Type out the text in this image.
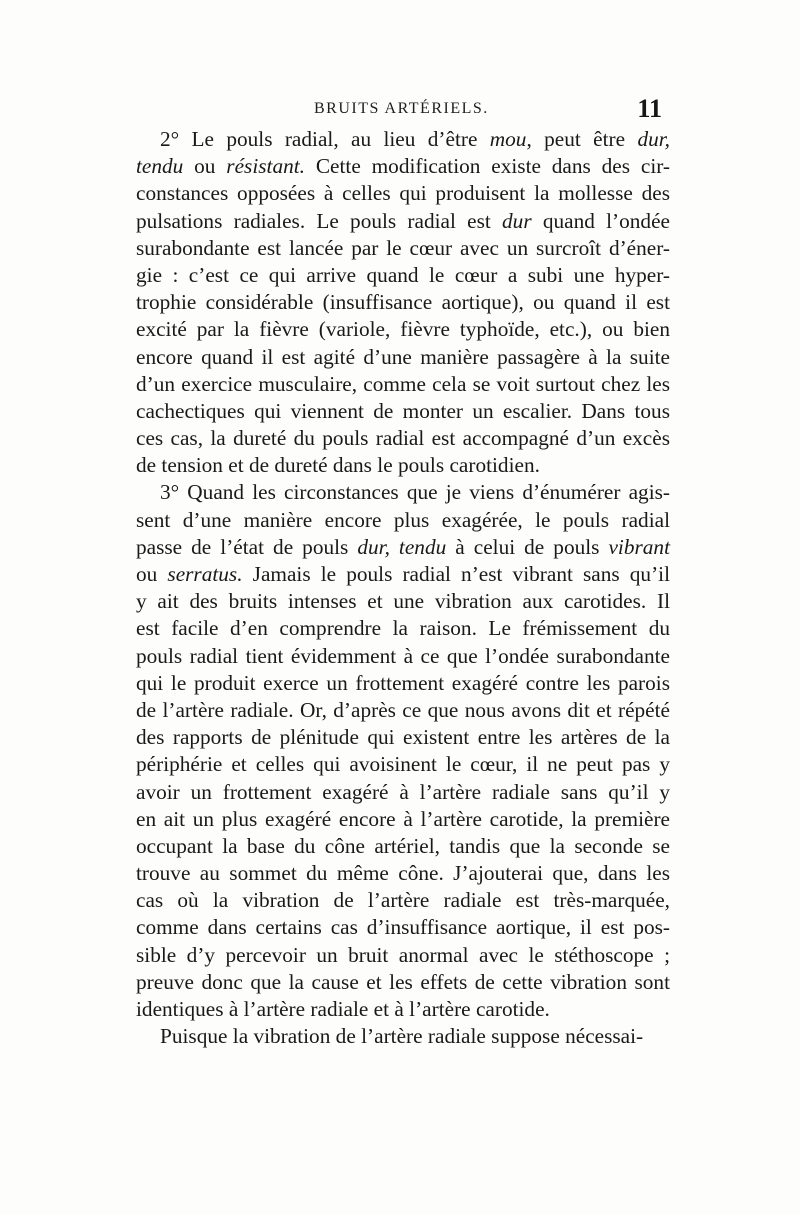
BRUITS ARTÉRIELS.	11
2° Le pouls radial, au lieu d’être mou, peut être dur,
tendu ou résistant. Cette modification existe dans des cir-
constances opposées à celles qui produisent la mollesse des
pulsations radiales. Le pouls radial est dur quand l’ondée
surabondante est lancée par le cœur avec un surcroît d’éner-
gie : c’est ce qui arrive quand le cœur a subi une hyper-
trophie considérable (insuffisance aortique), ou quand il est
excité par la fièvre (variole, fièvre typhoïde, etc.), ou bien
encore quand il est agité d’une manière passagère à la suite
d’un exercice musculaire, comme cela se voit surtout chez les
cachectiques qui viennent de monter un escalier. Dans tous
ces cas, la dureté du pouls radial est accompagné d’un excès
de tension et de dureté dans le pouls carotidien.
3° Quand les circonstances que je viens d’énumérer agis-
sent d’une manière encore plus exagérée, le pouls radial
passe de l’état de pouls dur, tendu à celui de pouls vibrant
ou serratus. Jamais le pouls radial n’est vibrant sans qu’il
y ait des bruits intenses et une vibration aux carotides. Il
est facile d’en comprendre la raison. Le frémissement du
pouls radial tient évidemment à ce que l’ondée surabondante
qui le produit exerce un frottement exagéré contre les parois
de l’artère radiale. Or, d’après ce que nous avons dit et répété
des rapports de plénitude qui existent entre les artères de la
périphérie et celles qui avoisinent le cœur, il ne peut pas y
avoir un frottement exagéré à l’artère radiale sans qu’il y
en ait un plus exagéré encore à l’artère carotide, la première
occupant la base du cône artériel, tandis que la seconde se
trouve au sommet du même cône. J’ajouterai que, dans les
cas où la vibration de l’artère radiale est très-marquée,
comme dans certains cas d’insuffisance aortique, il est pos-
sible d’y percevoir un bruit anormal avec le stéthoscope ;
preuve donc que la cause et les effets de cette vibration sont
identiques à l’artère radiale et à l’artère carotide.
Puisque la vibration de l’artère radiale suppose nécessai-
